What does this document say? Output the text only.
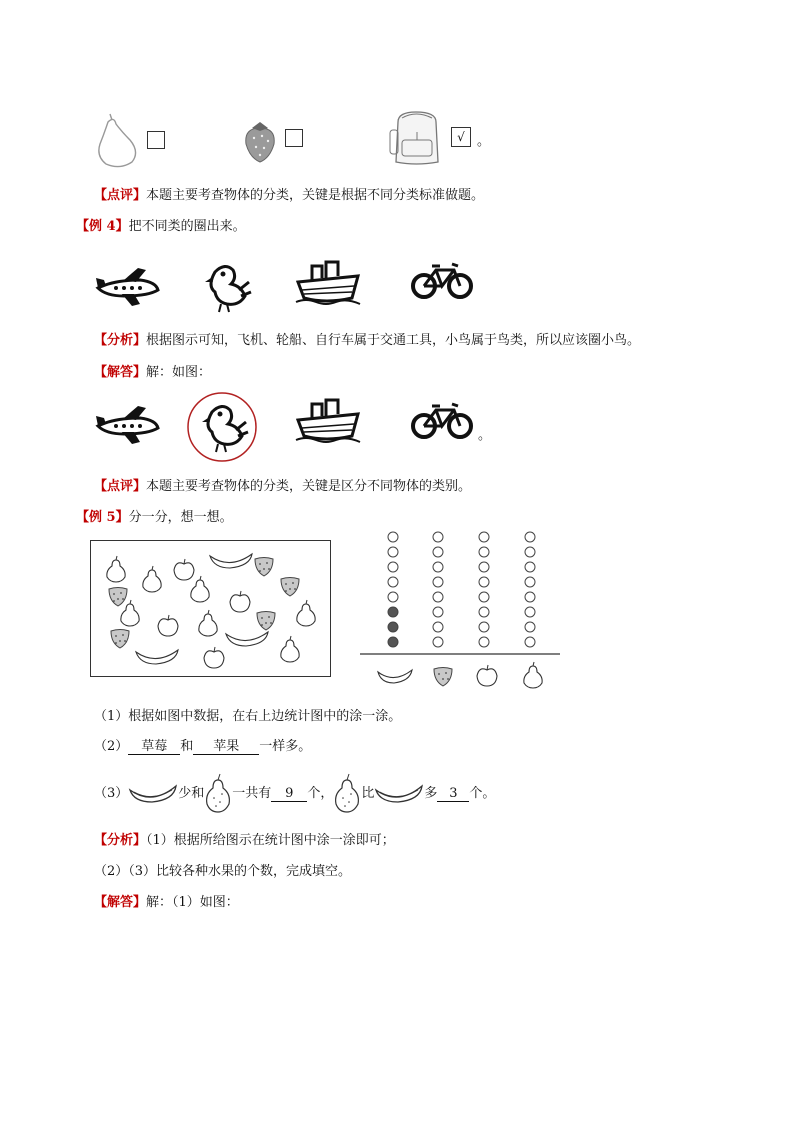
√ 。
【点评】本题主要考查物体的分类，关键是根据不同分类标准做题。
【例 4】把不同类的圈出来。
【分析】根据图示可知，飞机、轮船、自行车属于交通工具，小鸟属于鸟类，所以应该圈小鸟。
【解答】解：如图：
。
【点评】本题主要考查物体的分类，关键是区分不同物体的类别。
【例 5】分一分，想一想。
（1）根据如图中数据，在右上边统计图中的涂一涂。
（2） 草莓 和 苹果 一样多。
（3）	少和 一共有 9 个， 比	多 3 个。
【分析】（1）根据所给图示在统计图中涂一涂即可；
（2）（3）比较各种水果的个数，完成填空。
【解答】解：（1）如图：
